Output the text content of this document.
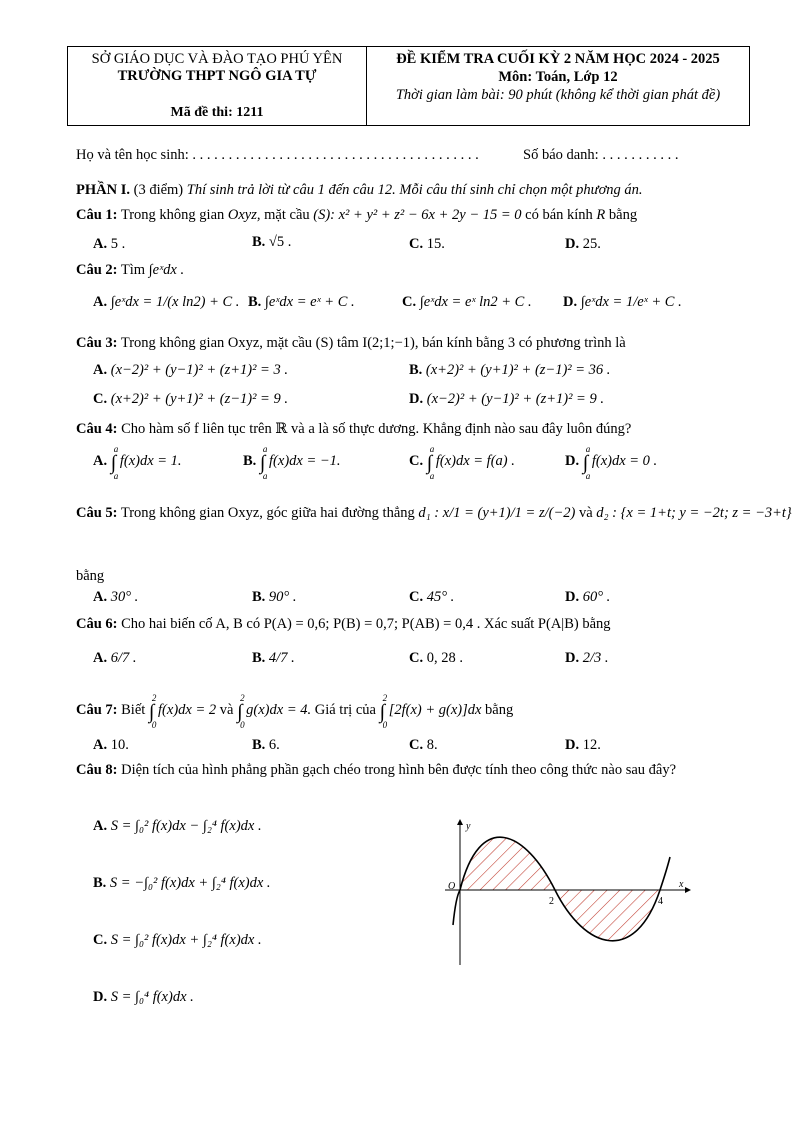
SỞ GIÁO DỤC VÀ ĐÀO TẠO PHÚ YÊN
TRƯỜNG THPT NGÔ GIA TỰ
Mã đề thi: 1211
ĐỀ KIỂM TRA CUỐI KỲ 2 NĂM HỌC 2024 - 2025
Môn: Toán, Lớp 12
Thời gian làm bài: 90 phút (không kể thời gian phát đề)
Họ và tên học sinh: . . . . . . . . . . . . . . . . . . . . . . . . . . . . . . . . . . . . . . . .	Số báo danh: . . . . . . . . . . .
PHẦN I. (3 điểm) Thí sinh trả lời từ câu 1 đến câu 12. Mỗi câu thí sinh chỉ chọn một phương án.
Câu 1: Trong không gian Oxyz, mặt cầu (S): x² + y² + z² − 6x + 2y − 15 = 0 có bán kính R bằng
A. 5 .	B. √5 .	C. 15.	D. 25.
Câu 2: Tìm ∫eˣdx .
A. ∫eˣdx = 1/(x ln2) + C . B. ∫eˣdx = eˣ + C .	C. ∫eˣdx = eˣ ln2 + C . D. ∫eˣdx = 1/eˣ + C .
Câu 3: Trong không gian Oxyz, mặt cầu (S) tâm I(2;1;−1), bán kính bằng 3 có phương trình là
A. (x−2)² + (y−1)² + (z+1)² = 3 .	B. (x+2)² + (y+1)² + (z−1)² = 36 .
C. (x+2)² + (y+1)² + (z−1)² = 9 .	D. (x−2)² + (y−1)² + (z+1)² = 9 .
Câu 4: Cho hàm số f liên tục trên ℝ và a là số thực dương. Khẳng định nào sau đây luôn đúng?
A. ∫
a
a
f(x)dx = 1.	B. ∫
a
a
f(x)dx = −1.	C. ∫
a
a
f(x)dx = f(a) .	D. ∫
a
a
f(x)dx = 0 .
Câu 5: Trong không gian Oxyz, góc giữa hai đường thẳng d₁ : x/1 = (y+1)/1 = z/(−2) và d₂ : {x = 1+t; y = −2t; z = −3+t}
bằng
A. 30° .	B. 90° .	C. 45° .	D. 60° .
Câu 6: Cho hai biến cố A, B có P(A) = 0,6; P(B) = 0,7; P(AB) = 0,4 . Xác suất P(A|B) bằng
A. 6/7 .	B. 4/7 .	C. 0, 28 .	D. 2/3 .
Câu 7: Biết ∫
2
0
f(x)dx = 2 và ∫
2
0
g(x)dx = 4. Giá trị của ∫
2
0
[2f(x) + g(x)]dx bằng
A. 10.	B. 6.	C. 8.	D. 12.
Câu 8: Diện tích của hình phẳng phần gạch chéo trong hình bên được tính theo công thức nào sau đây?
A. S = ∫₀² f(x)dx − ∫₂⁴ f(x)dx .
B. S = −∫₀² f(x)dx + ∫₂⁴ f(x)dx .
C. S = ∫₀² f(x)dx + ∫₂⁴ f(x)dx .
D. S = ∫₀⁴ f(x)dx .
y
x
O
2	4
